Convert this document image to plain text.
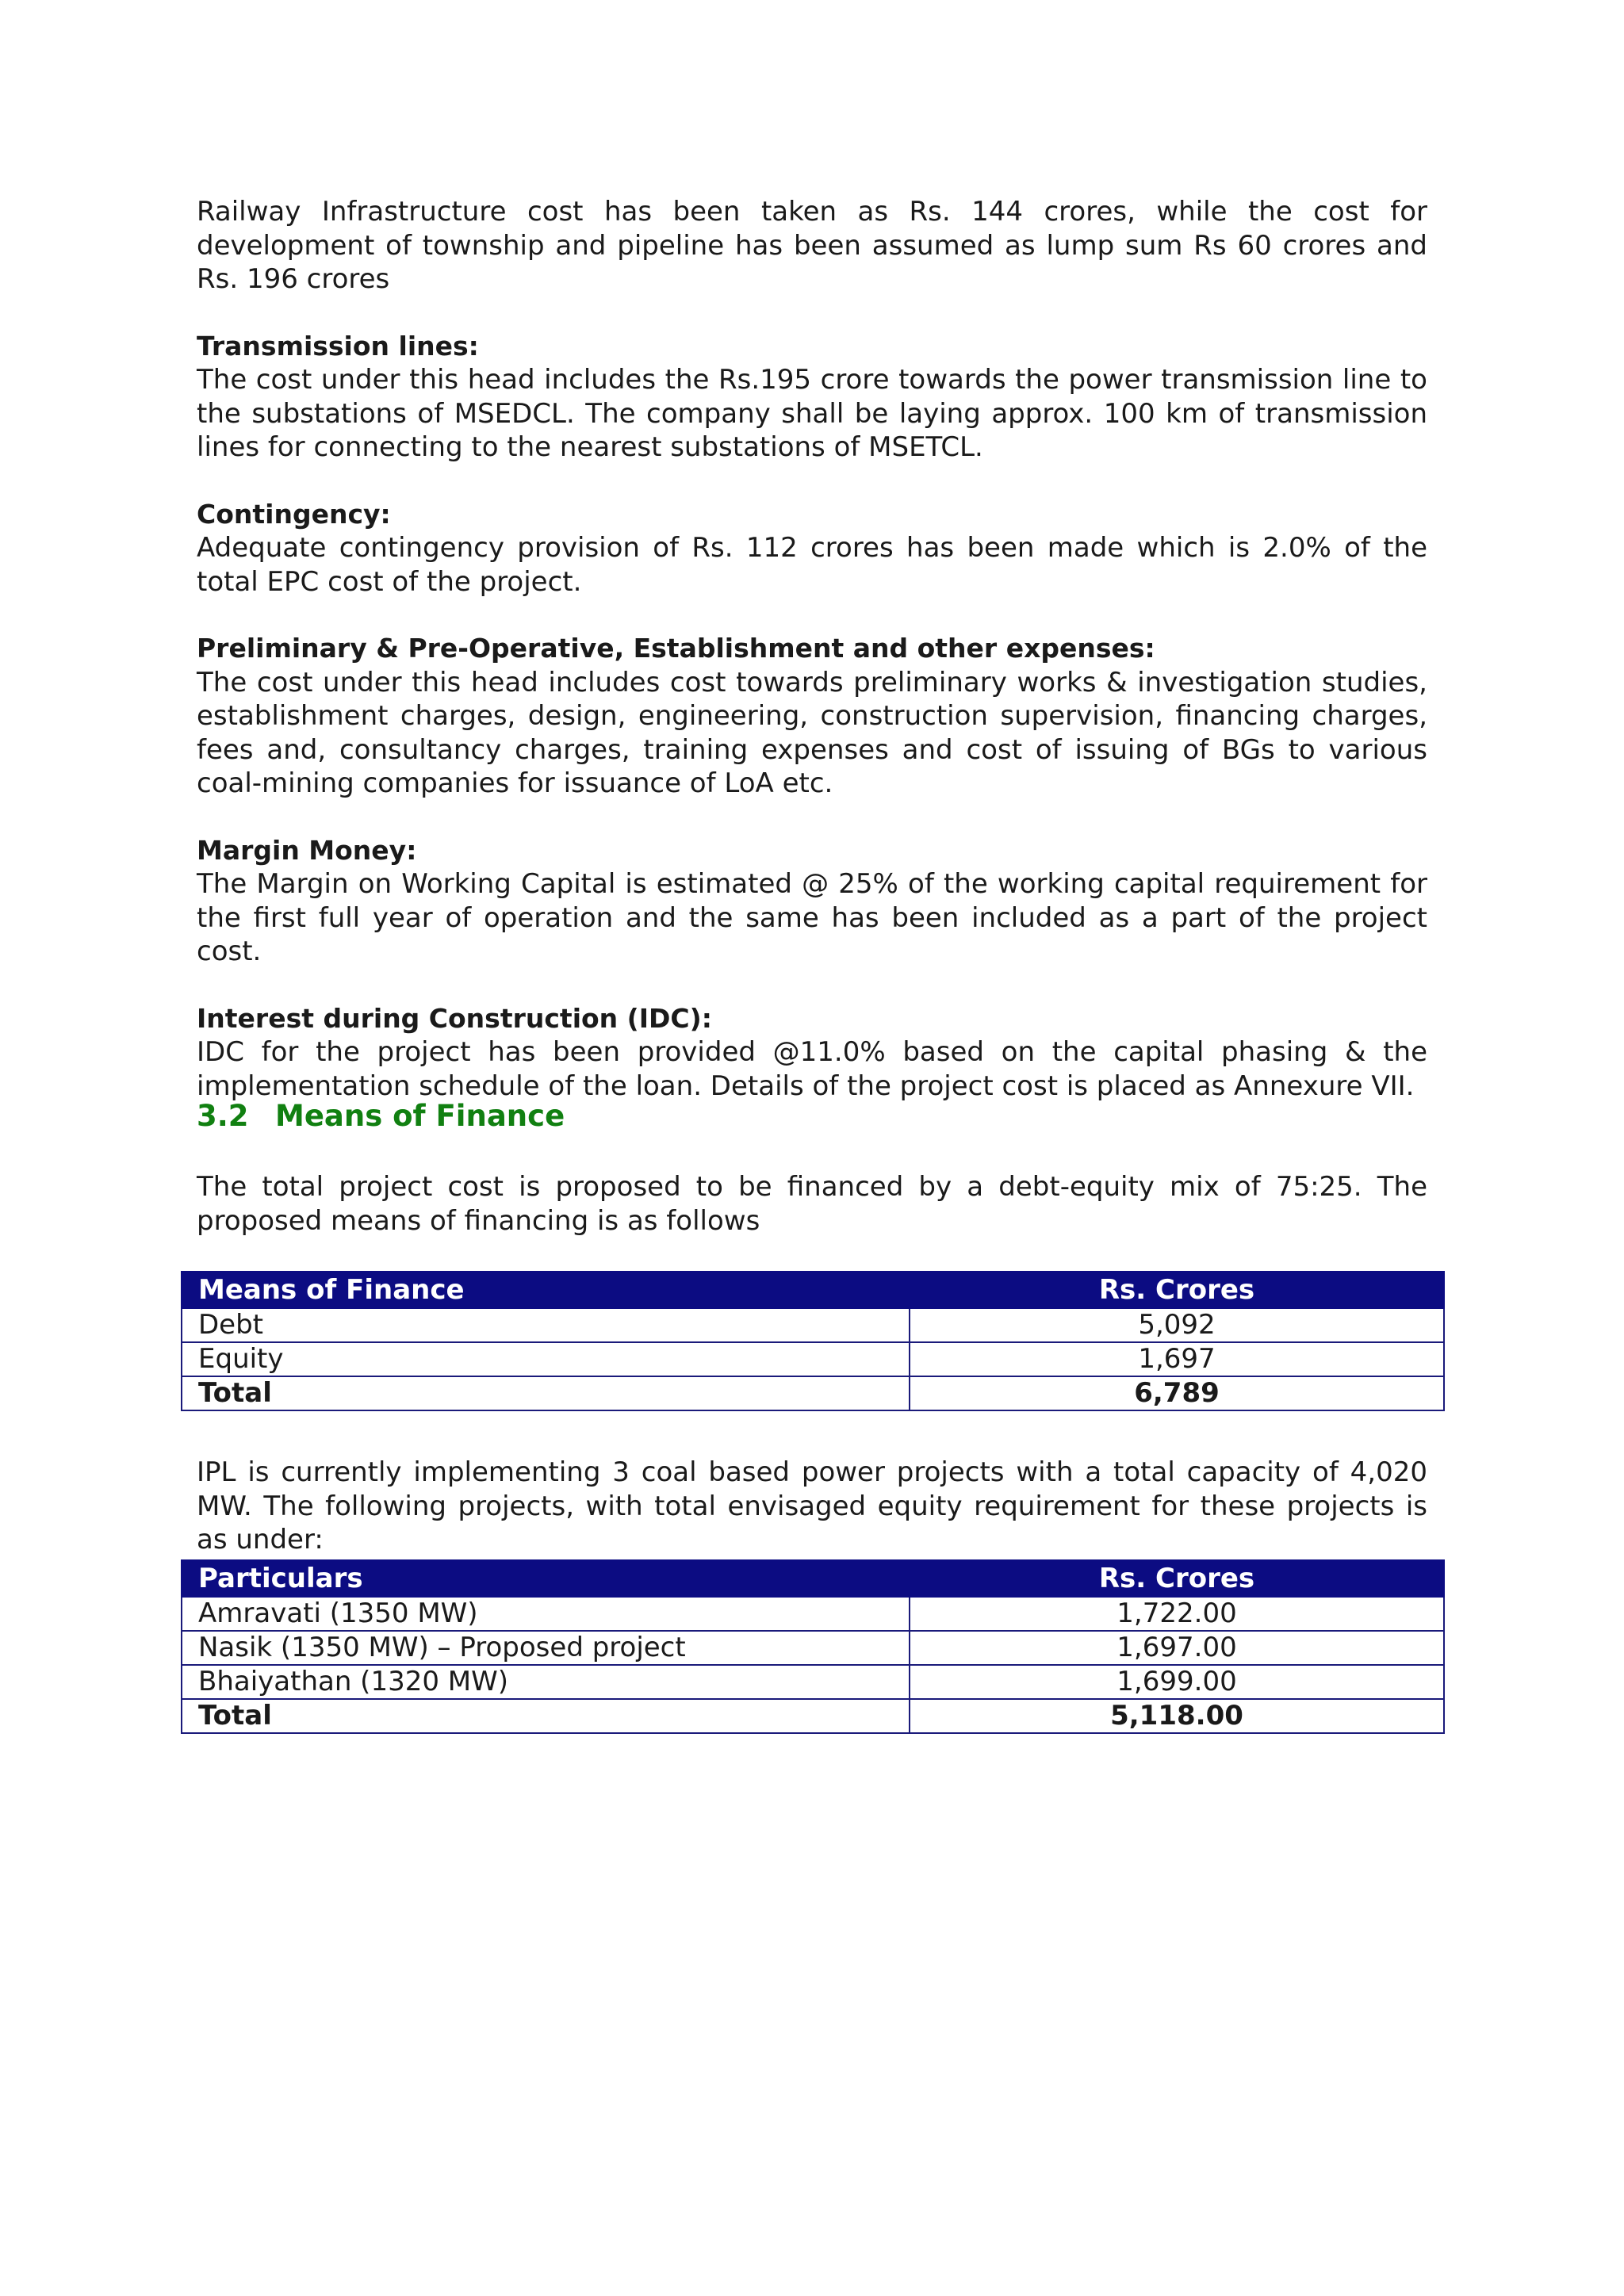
Railway Infrastructure cost has been taken as Rs. 144 crores, while the cost for development of township and pipeline has been assumed as lump sum Rs 60 crores and Rs. 196 crores

Transmission lines:

The cost under this head includes the Rs.195 crore towards the power transmission line to the substations of MSEDCL. The company shall be laying approx. 100 km of transmission lines for connecting to the nearest substations of MSETCL.

Contingency:

Adequate contingency provision of Rs. 112 crores has been made which is 2.0% of the total EPC cost of the project.

Preliminary & Pre-Operative, Establishment and other expenses:

The cost under this head includes cost towards preliminary works & investigation studies, establishment charges, design, engineering, construction supervision, financing charges, fees and, consultancy charges, training expenses and cost of issuing of BGs to various coal-mining companies for issuance of LoA etc.

Margin Money:

The Margin on Working Capital is estimated @ 25% of the working capital requirement for the first full year of operation and the same has been included as a part of the project cost.

Interest during Construction (IDC):

IDC for the project has been provided @11.0% based on the capital phasing & the implementation schedule of the loan. Details of the project cost is placed as Annexure VII.

3.2 Means of Finance

The total project cost is proposed to be financed by a debt-equity mix of 75:25. The proposed means of financing is as follows

Means of Finance	Rs. Crores
Debt	5,092
Equity	1,697
Total	6,789

IPL is currently implementing 3 coal based power projects with a total capacity of 4,020 MW. The following projects, with total envisaged equity requirement for these projects is as under:

Particulars	Rs. Crores
Amravati (1350 MW)	1,722.00
Nasik (1350 MW) – Proposed project	1,697.00
Bhaiyathan (1320 MW)	1,699.00
Total	5,118.00
